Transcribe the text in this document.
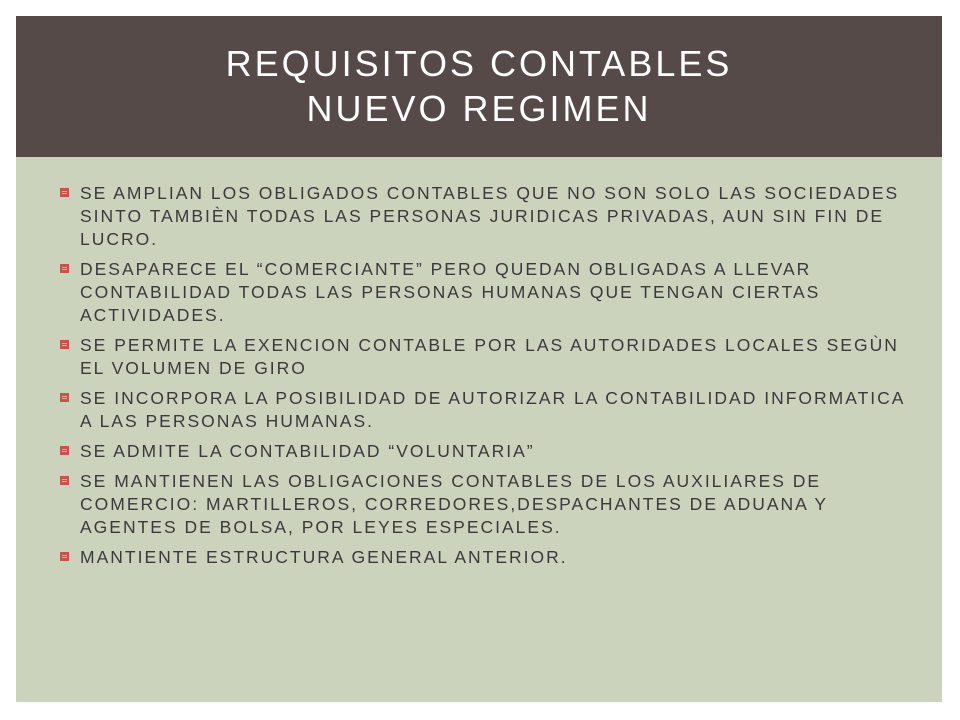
REQUISITOS CONTABLES
NUEVO REGIMEN
SE AMPLIAN LOS OBLIGADOS CONTABLES QUE NO SON SOLO LAS SOCIEDADES SINTO TAMBIÈN TODAS LAS PERSONAS JURIDICAS PRIVADAS, AUN SIN FIN DE LUCRO.
DESAPARECE EL “COMERCIANTE” PERO QUEDAN OBLIGADAS A LLEVAR CONTABILIDAD TODAS LAS PERSONAS HUMANAS QUE TENGAN CIERTAS ACTIVIDADES.
SE PERMITE LA EXENCION CONTABLE POR LAS AUTORIDADES LOCALES SEGÙN EL VOLUMEN DE GIRO
SE INCORPORA LA POSIBILIDAD DE AUTORIZAR LA CONTABILIDAD INFORMATICA A LAS PERSONAS HUMANAS.
SE ADMITE LA CONTABILIDAD “VOLUNTARIA”
SE MANTIENEN LAS OBLIGACIONES CONTABLES DE LOS AUXILIARES DE COMERCIO: MARTILLEROS, CORREDORES,DESPACHANTES DE ADUANA Y AGENTES DE BOLSA, POR LEYES ESPECIALES.
MANTIENTE ESTRUCTURA GENERAL ANTERIOR.
